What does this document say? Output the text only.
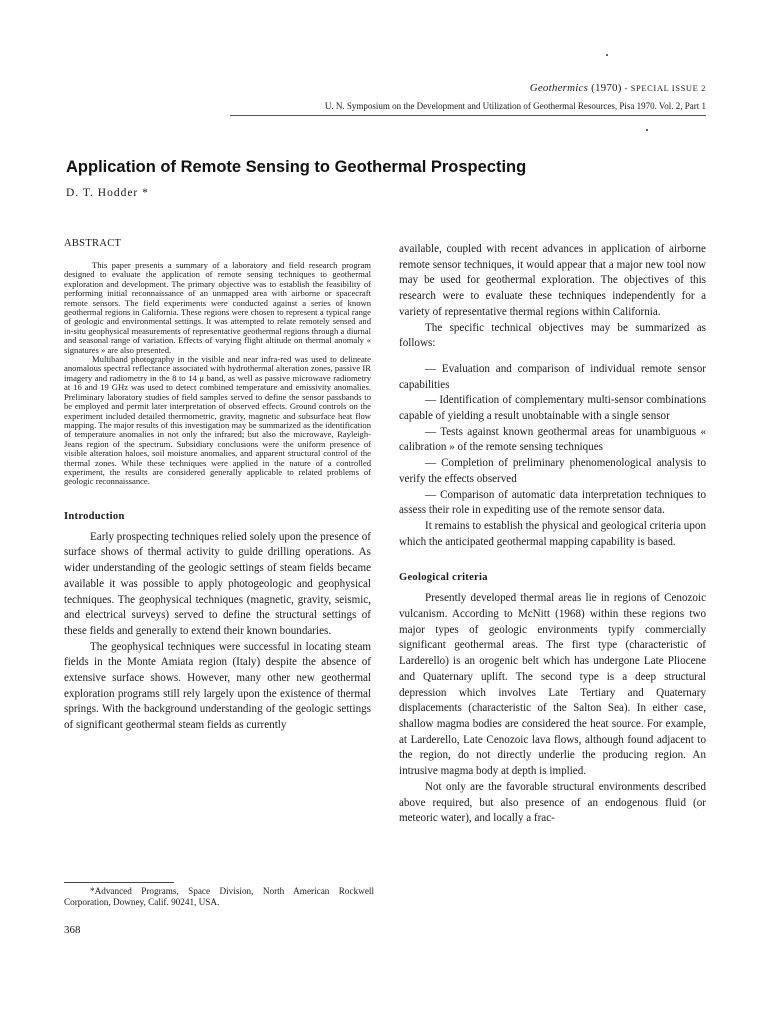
Geothermics (1970) - SPECIAL ISSUE 2
U. N. Symposium on the Development and Utilization of Geothermal Resources, Pisa 1970. Vol. 2, Part 1
Application of Remote Sensing to Geothermal Prospecting
D. T. Hodder *
ABSTRACT

This paper presents a summary of a laboratory and field research program designed to evaluate the application of remote sensing techniques to geothermal exploration and development. The primary objective was to establish the feasibility of performing initial reconnaissance of an unmapped area with airborne or spacecraft remote sensors. The field experiments were conducted against a series of known geothermal regions in California. These regions were chosen to represent a typical range of geologic and environmental settings. It was attempted to relate remotely sensed and in-situ geophysical measurements of representative geothermal regions through a diurnal and seasonal range of variation. Effects of varying flight altitude on thermal anomaly « signatures » are also presented.

Multiband photography in the visible and near infra-red was used to delineate anomalous spectral reflectance associated with hydrothermal alteration zones, passive IR imagery and radiometry in the 8 to 14 μ band, as well as passive microwave radiometry at 16 and 19 GHz was used to detect combined temperature and emissivity anomalies. Preliminary laboratory studies of field samples served to define the sensor passbands to be employed and permit later interpretation of observed effects. Ground controls on the experiment included detailed thermometric, gravity, magnetic and subsurface heat flow mapping. The major results of this investigation may be summarized as the identification of temperature anomalies in not only the infrared; but also the microwave, Rayleigh-Jeans region of the spectrum. Subsidiary conclusions were the uniform presence of visible alteration haloes, soil moisture anomalies, and apparent structural control of the thermal zones. While these techniques were applied in the nature of a controlled experiment, the results are considered generally applicable to related problems of geologic reconnaissance.

Introduction

Early prospecting techniques relied solely upon the presence of surface shows of thermal activity to guide drilling operations. As wider understanding of the geologic settings of steam fields became available it was possible to apply photogeologic and geophysical techniques. The geophysical techniques (magnetic, gravity, seismic, and electrical surveys) served to define the structural settings of these fields and generally to extend their known boundaries.

The geophysical techniques were successful in locating steam fields in the Monte Amiata region (Italy) despite the absence of extensive surface shows. However, many other new geothermal exploration programs still rely largely upon the existence of thermal springs. With the background understanding of the geologic settings of significant geothermal steam fields as currently

*Advanced Programs, Space Division, North American Rockwell Corporation, Downey, Calif. 90241, USA.

368

available, coupled with recent advances in application of airborne remote sensor techniques, it would appear that a major new tool now may be used for geothermal exploration. The objectives of this research were to evaluate these techniques independently for a variety of representative thermal regions within California.

The specific technical objectives may be summarized as follows:

— Evaluation and comparison of individual remote sensor capabilities

— Identification of complementary multi-sensor combinations capable of yielding a result unobtainable with a single sensor

— Tests against known geothermal areas for unambiguous « calibration » of the remote sensing techniques

— Completion of preliminary phenomenological analysis to verify the effects observed

— Comparison of automatic data interpretation techniques to assess their role in expediting use of the remote sensor data.

It remains to establish the physical and geological criteria upon which the anticipated geothermal mapping capability is based.

Geological criteria

Presently developed thermal areas lie in regions of Cenozoic vulcanism. According to McNitt (1968) within these regions two major types of geologic environments typify commercially significant geothermal areas. The first type (characteristic of Larderello) is an orogenic belt which has undergone Late Pliocene and Quaternary uplift. The second type is a deep structural depression which involves Late Tertiary and Quaternary displacements (characteristic of the Salton Sea). In either case, shallow magma bodies are considered the heat source. For example, at Larderello, Late Cenozoic lava flows, although found adjacent to the region, do not directly underlie the producing region. An intrusive magma body at depth is implied.

Not only are the favorable structural environments described above required, but also presence of an endogenous fluid (or meteoric water), and locally a frac-
